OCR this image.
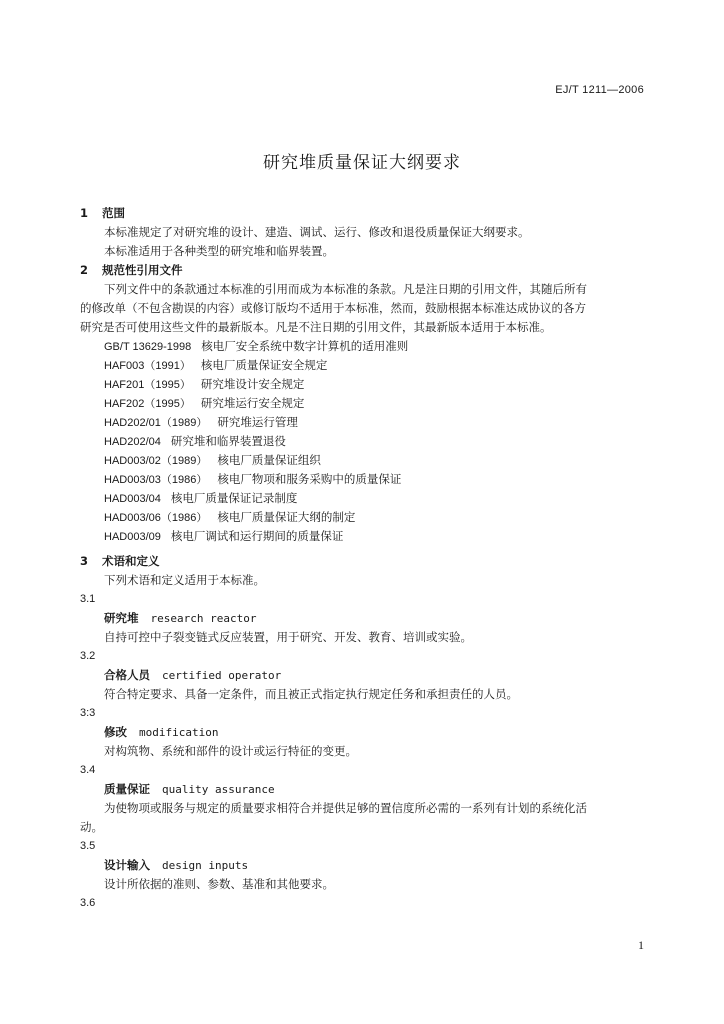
EJ/T 1211—2006
研究堆质量保证大纲要求
1 范围
本标准规定了对研究堆的设计、建造、调试、运行、修改和退役质量保证大纲要求。
本标准适用于各种类型的研究堆和临界装置。
2 规范性引用文件
下列文件中的条款通过本标准的引用而成为本标准的条款。凡是注日期的引用文件，其随后所有
的修改单（不包含勘误的内容）或修订版均不适用于本标准，然而，鼓励根据本标准达成协议的各方
研究是否可使用这些文件的最新版本。凡是不注日期的引用文件，其最新版本适用于本标准。
GB/T 13629-1998 核电厂安全系统中数字计算机的适用准则
HAF003（1991） 核电厂质量保证安全规定
HAF201（1995） 研究堆设计安全规定
HAF202（1995） 研究堆运行安全规定
HAD202/01（1989） 研究堆运行管理
HAD202/04 研究堆和临界装置退役
HAD003/02（1989） 核电厂质量保证组织
HAD003/03（1986） 核电厂物项和服务采购中的质量保证
HAD003/04 核电厂质量保证记录制度
HAD003/06（1986） 核电厂质量保证大纲的制定
HAD003/09 核电厂调试和运行期间的质量保证
3 术语和定义
下列术语和定义适用于本标准。
3.1
研究堆 research reactor
自持可控中子裂变链式反应装置，用于研究、开发、教育、培训或实验。
3.2
合格人员 certified operator
符合特定要求、具备一定条件，而且被正式指定执行规定任务和承担责任的人员。
3:3
修改 modification
对构筑物、系统和部件的设计或运行特征的变更。
3.4
质量保证 quality assurance
为使物项或服务与规定的质量要求相符合并提供足够的置信度所必需的一系列有计划的系统化活
动。
3.5
设计输入 design inputs
设计所依据的准则、参数、基准和其他要求。
3.6
1
